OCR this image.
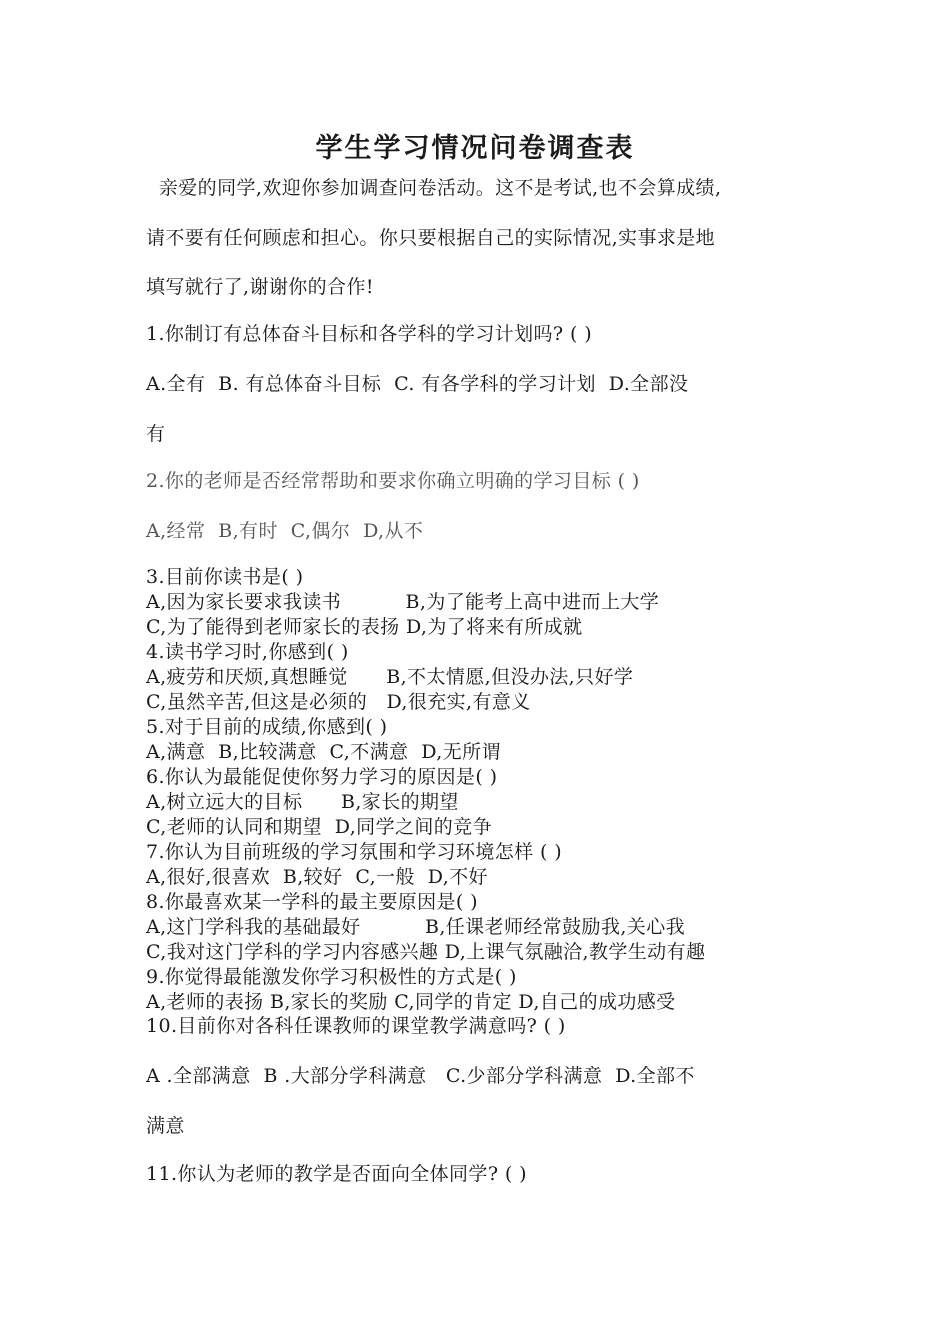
学生学习情况问卷调查表
亲爱的同学,欢迎你参加调查问卷活动。这不是考试,也不会算成绩,
请不要有任何顾虑和担心。你只要根据自己的实际情况,实事求是地
填写就行了,谢谢你的合作!
1.你制订有总体奋斗目标和各学科的学习计划吗? ( )
A.全有  B. 有总体奋斗目标  C. 有各学科的学习计划  D.全部没
有
2.你的老师是否经常帮助和要求你确立明确的学习目标 ( )
A,经常  B,有时  C,偶尔  D,从不
3.目前你读书是( )
A,因为家长要求我读书          B,为了能考上高中进而上大学
C,为了能得到老师家长的表扬 D,为了将来有所成就
4.读书学习时,你感到( )
A,疲劳和厌烦,真想睡觉      B,不太情愿,但没办法,只好学
C,虽然辛苦,但这是必须的   D,很充实,有意义
5.对于目前的成绩,你感到( )
A,满意  B,比较满意  C,不满意  D,无所谓
6.你认为最能促使你努力学习的原因是( )
A,树立远大的目标      B,家长的期望
C,老师的认同和期望  D,同学之间的竞争
7.你认为目前班级的学习氛围和学习环境怎样 ( )
A,很好,很喜欢  B,较好  C,一般  D,不好
8.你最喜欢某一学科的最主要原因是( )
A,这门学科我的基础最好          B,任课老师经常鼓励我,关心我
C,我对这门学科的学习内容感兴趣 D,上课气氛融洽,教学生动有趣
9.你觉得最能激发你学习积极性的方式是( )
A,老师的表扬 B,家长的奖励 C,同学的肯定 D,自己的成功感受
10.目前你对各科任课教师的课堂教学满意吗? ( )
A .全部满意  B .大部分学科满意   C.少部分学科满意  D.全部不
满意
11.你认为老师的教学是否面向全体同学? ( )
